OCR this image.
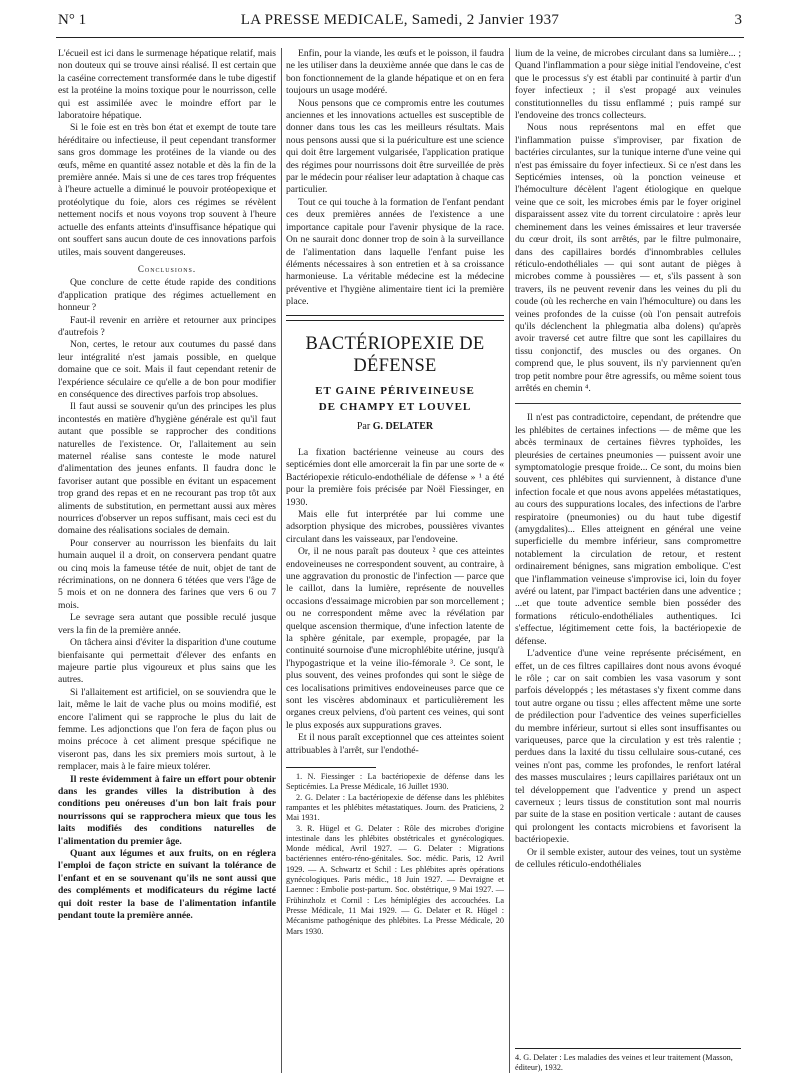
N° 1	LA PRESSE MEDICALE, Samedi, 2 Janvier 1937	3

L'écueil est ici dans le surmenage hépatique relatif, mais non douteux qui se trouve ainsi réalisé. Il est certain que la caséine correctement transformée dans le tube digestif est la protéine la moins toxique pour le nourrisson, celle qui est assimilée avec le moindre effort par le laboratoire hépatique.

Si le foie est en très bon état et exempt de toute tare héréditaire ou infectieuse, il peut cependant transformer sans gros dommage les protéines de la viande ou des œufs, même en quantité assez notable et dès la fin de la première année. Mais si une de ces tares trop fréquentes à l'heure actuelle a diminué le pouvoir protéopexique et protéolytique du foie, alors ces régimes se révèlent nettement nocifs et nous voyons trop souvent à l'heure actuelle des enfants atteints d'insuffisance hépatique qui ont souffert sans aucun doute de ces innovations parfois utiles, mais souvent dangereuses.

Conclusions.

Que conclure de cette étude rapide des conditions d'application pratique des régimes actuellement en honneur ?

Faut-il revenir en arrière et retourner aux principes d'autrefois ?

Non, certes, le retour aux coutumes du passé dans leur intégralité n'est jamais possible, en quelque domaine que ce soit. Mais il faut cependant retenir de l'expérience séculaire ce qu'elle a de bon pour modifier en conséquence des directives parfois trop absolues.

Il faut aussi se souvenir qu'un des principes les plus incontestés en matière d'hygiène générale est qu'il faut autant que possible se rapprocher des conditions naturelles de l'existence. Or, l'allaitement au sein maternel réalise sans conteste le mode naturel d'alimentation des jeunes enfants. Il faudra donc le favoriser autant que possible en évitant un espacement trop grand des repas et en ne recourant pas trop tôt aux aliments de substitution, en permettant aussi aux mères nourrices d'observer un repos suffisant, mais ceci est du domaine des réalisations sociales de demain.

Pour conserver au nourrisson les bienfaits du lait humain auquel il a droit, on conservera pendant quatre ou cinq mois la fameuse tétée de nuit, objet de tant de récriminations, on ne donnera 6 tétées que vers l'âge de 5 mois et on ne donnera des farines que vers 6 ou 7 mois.

Le sevrage sera autant que possible reculé jusque vers la fin de la première année.

On tâchera ainsi d'éviter la disparition d'une coutume bienfaisante qui permettait d'élever des enfants en majeure partie plus vigoureux et plus sains que les autres.

Si l'allaitement est artificiel, on se souviendra que le lait, même le lait de vache plus ou moins modifié, est encore l'aliment qui se rapproche le plus du lait de femme. Les adjonctions que l'on fera de façon plus ou moins précoce à cet aliment presque spécifique ne viseront pas, dans les six premiers mois surtout, à le remplacer, mais à le faire mieux tolérer.

Il reste évidemment à faire un effort pour obtenir dans les grandes villes la distribution à des conditions peu onéreuses d'un bon lait frais pour nourrissons qui se rapprochera mieux que tous les laits modifiés des conditions naturelles de l'alimentation du premier âge.

Quant aux légumes et aux fruits, on en réglera l'emploi de façon stricte en suivant la tolérance de l'enfant et en se souvenant qu'ils ne sont aussi que des compléments et modificateurs du régime lacté qui doit rester la base de l'alimentation infantile pendant toute la première année.

Enfin, pour la viande, les œufs et le poisson, il faudra ne les utiliser dans la deuxième année que dans le cas de bon fonctionnement de la glande hépatique et on en fera toujours un usage modéré.

Nous pensons que ce compromis entre les coutumes anciennes et les innovations actuelles est susceptible de donner dans tous les cas les meilleurs résultats. Mais nous pensons aussi que si la puériculture est une science qui doit être largement vulgarisée, l'application pratique des régimes pour nourrissons doit être surveillée de près par le médecin pour réaliser leur adaptation à chaque cas particulier.

Tout ce qui touche à la formation de l'enfant pendant ces deux premières années de l'existence a une importance capitale pour l'avenir physique de la race. On ne saurait donc donner trop de soin à la surveillance de l'alimentation dans laquelle l'enfant puise les éléments nécessaires à son entretien et à sa croissance harmonieuse. La véritable médecine est la médecine préventive et l'hygiène alimentaire tient ici la première place.

BACTÉRIOPEXIE DE DÉFENSE
ET GAINE PÉRIVEINEUSE
DE CHAMPY ET LOUVEL
Par G. DELATER

La fixation bactérienne veineuse au cours des septicémies dont elle amorcerait la fin par une sorte de « Bactériopexie réticulo-endothéliale de défense » ¹ a été pour la première fois précisée par Noël Fiessinger, en 1930.

Mais elle fut interprétée par lui comme une adsorption physique des microbes, poussières vivantes circulant dans les vaisseaux, par l'endoveine.

Or, il ne nous paraît pas douteux ² que ces atteintes endoveineuses ne correspondent souvent, au contraire, à une aggravation du pronostic de l'infection — parce que le caillot, dans la lumière, représente de nouvelles occasions d'essaimage microbien par son morcellement ; ou ne correspondent même avec la révélation par quelque ascension thermique, d'une infection latente de la sphère génitale, par exemple, propagée, par la continuité sournoise d'une microphlébite utérine, jusqu'à l'hypogastrique et la veine ilio-fémorale ³. Ce sont, le plus souvent, des veines profondes qui sont le siège de ces localisations primitives endoveineuses parce que ce sont les viscères abdominaux et particulièrement les organes creux pelviens, d'où partent ces veines, qui sont le plus exposés aux suppurations graves.

Et il nous paraît exceptionnel que ces atteintes soient attribuables à l'arrêt, sur l'endothé-

1. N. Fiessinger : La bactériopexie de défense dans les Septicémies. La Presse Médicale, 16 Juillet 1930.

2. G. Delater : La bactériopexie de défense dans les phlébites rampantes et les phlébites métastatiques. Journ. des Praticiens, 2 Mai 1931.

3. R. Hügel et G. Delater : Rôle des microbes d'origine intestinale dans les phlébites obstétricales et gynécologiques. Monde médical, Avril 1927. — G. Delater : Migrations bactériennes entéro-réno-génitales. Soc. médic. Paris, 12 Avril 1929. — A. Schwartz et Schil : Les phlébites après opérations gynécologiques. Paris médic., 18 Juin 1927. — Devraigne et Laennec : Embolie post-partum. Soc. obstétrique, 9 Mai 1927. — Frühinzholz et Cornil : Les hémiplégies des accouchées. La Presse Médicale, 11 Mai 1929. — G. Delater et R. Hügel : Mécanisme pathogénique des phlébites. La Presse Médicale, 20 Mars 1930.

lium de la veine, de microbes circulant dans sa lumière... ; Quand l'inflammation a pour siège initial l'endoveine, c'est que le processus s'y est établi par continuité à partir d'un foyer infectieux ; il s'est propagé aux veinules constitutionnelles du tissu enflammé ; puis rampé sur l'endoveine des troncs collecteurs.

Nous nous représentons mal en effet que l'inflammation puisse s'improviser, par fixation de bactéries circulantes, sur la tunique interne d'une veine qui n'est pas émissaire du foyer infectieux. Si ce n'est dans les Septicémies intenses, où la ponction veineuse et l'hémoculture décèlent l'agent étiologique en quelque veine que ce soit, les microbes émis par le foyer originel disparaissent assez vite du torrent circulatoire : après leur cheminement dans les veines émissaires et leur traversée du cœur droit, ils sont arrêtés, par le filtre pulmonaire, dans des capillaires bordés d'innombrables cellules réticulo-endothéliales — qui sont autant de pièges à microbes comme à poussières — et, s'ils passent à son travers, ils ne peuvent revenir dans les veines du pli du coude (où les recherche en vain l'hémoculture) ou dans les veines profondes de la cuisse (où l'on pensait autrefois qu'ils déclenchent la phlegmatia alba dolens) qu'après avoir traversé cet autre filtre que sont les capillaires du tissu conjonctif, des muscles ou des organes. On comprend que, le plus souvent, ils n'y parviennent qu'en trop petit nombre pour être agressifs, ou même soient tous arrêtés en chemin ⁴.

Il n'est pas contradictoire, cependant, de prétendre que les phlébites de certaines infections — de même que les abcès terminaux de certaines fièvres typhoïdes, les pleurésies de certaines pneumonies — puissent avoir une symptomatologie presque froide... Ce sont, du moins bien souvent, ces phlébites qui surviennent, à distance d'une infection focale et que nous avons appelées métastatiques, au cours des suppurations locales, des infections de l'arbre respiratoire (pneumonies) ou du haut tube digestif (amygdalites)... Elles atteignent en général une veine superficielle du membre inférieur, sans compromettre notablement la circulation de retour, et restent ordinairement bénignes, sans migration embolique. C'est que l'inflammation veineuse s'improvise ici, loin du foyer avéré ou latent, par l'impact bactérien dans une adventice ; ...et que toute adventice semble bien posséder des formations réticulo-endothéliales authentiques. Ici s'effectue, légitimement cette fois, la bactériopexie de défense.

L'adventice d'une veine représente précisément, en effet, un de ces filtres capillaires dont nous avons évoqué le rôle ; car on sait combien les vasa vasorum y sont parfois développés ; les métastases s'y fixent comme dans tout autre organe ou tissu ; elles affectent même une sorte de prédilection pour l'adventice des veines superficielles du membre inférieur, surtout si elles sont insuffisantes ou variqueuses, parce que la circulation y est très ralentie ; perdues dans la laxité du tissu cellulaire sous-cutané, ces veines n'ont pas, comme les profondes, le renfort latéral des masses musculaires ; leurs capillaires pariétaux ont un tel développement que l'adventice y prend un aspect caverneux ; leurs tissus de constitution sont mal nourris par suite de la stase en position verticale : autant de causes qui prolongent les contacts microbiens et favorisent la bactériopexie.

Or il semble exister, autour des veines, tout un système de cellules réticulo-endothéliales

4. G. Delater : Les maladies des veines et leur traitement (Masson, éditeur), 1932.
